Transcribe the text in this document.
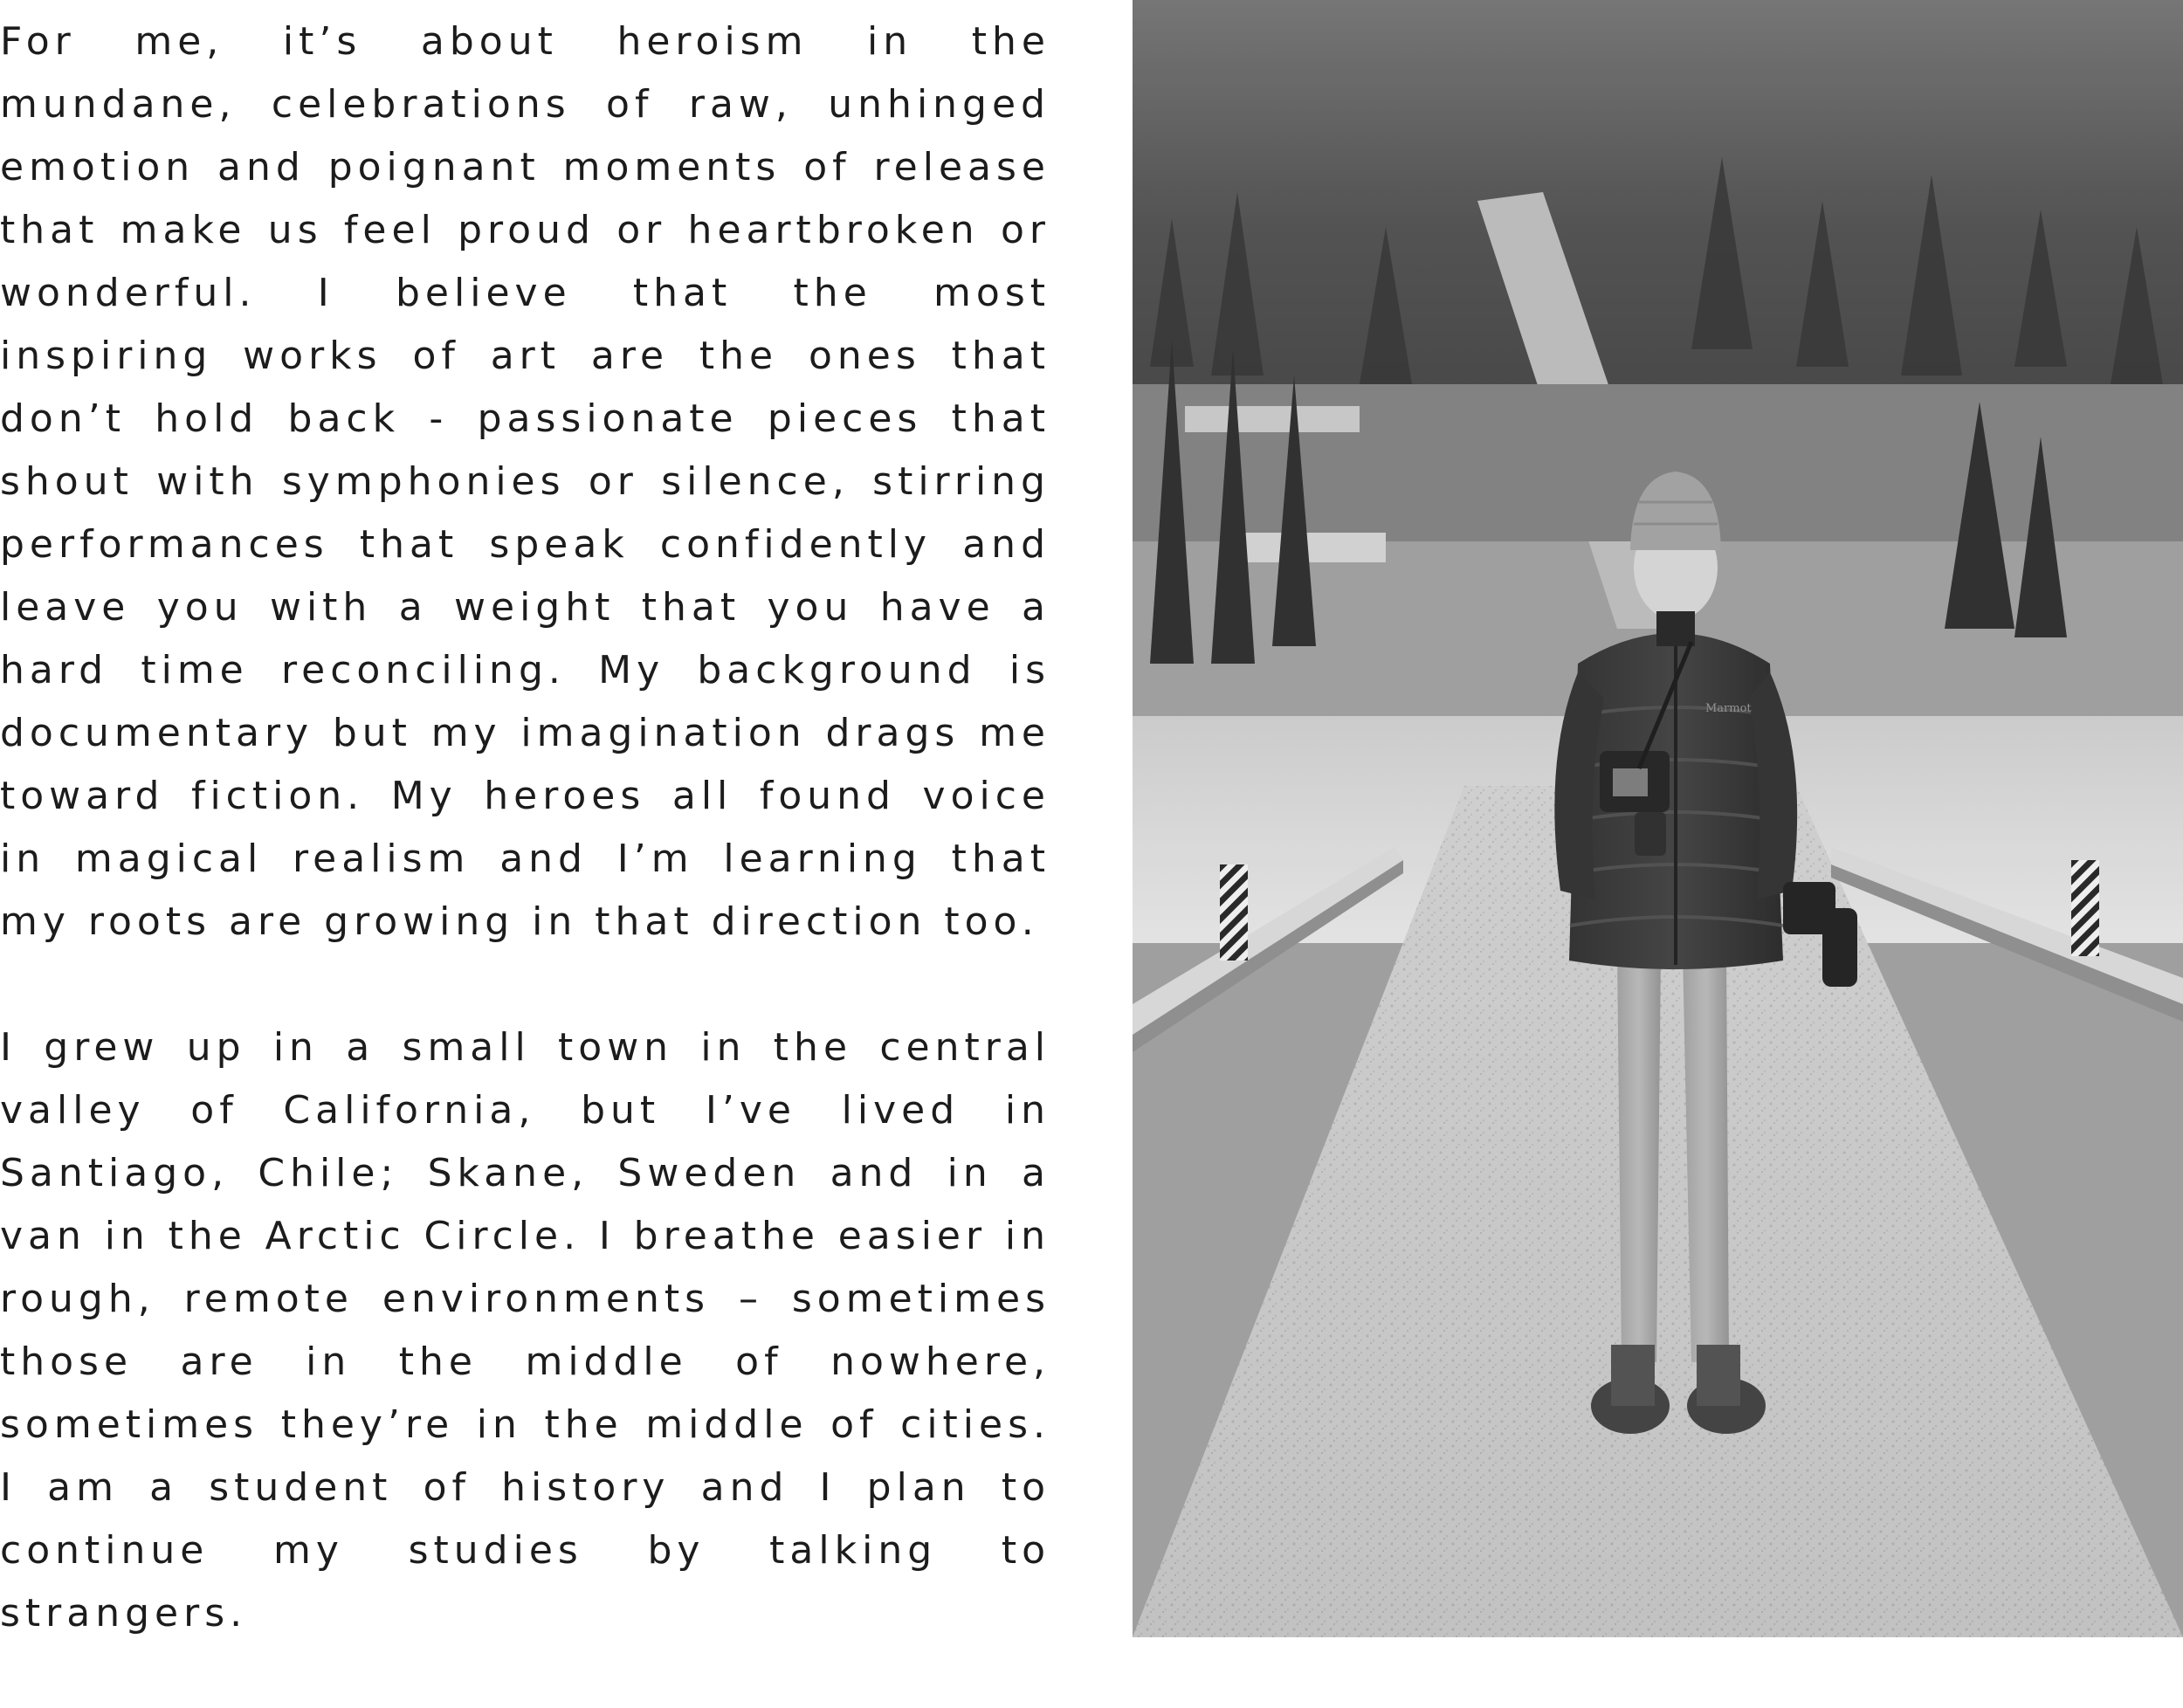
For me, it’s about heroism in the mundane, celebrations of raw, unhinged emotion and poignant moments of release that make us feel proud or heartbroken or wonderful. I believe that the most inspiring works of art are the ones that don’t hold back - passionate pieces that shout with symphonies or silence, stirring performances that speak confidently and leave you with a weight that you have a hard time reconciling. My background is documentary but my imagination drags me toward fiction. My heroes all found voice in magical realism and I’m learning that my roots are growing in that direction too.

I grew up in a small town in the central valley of California, but I’ve lived in Santiago, Chile; Skane, Sweden and in a van in the Arctic Circle. I breathe easier in rough, remote environments – sometimes those are in the middle of nowhere, sometimes they’re in the middle of cities. I am a student of history and I plan to continue my studies by talking to strangers.

Marmot
